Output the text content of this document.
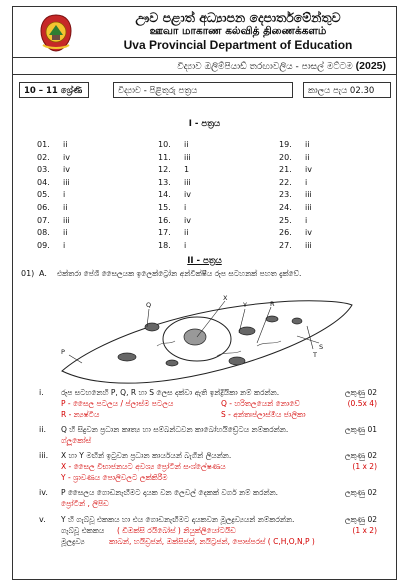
ඌව පළාත් අධ්‍යාපන දෙපාර්තමේන්තුව
ஊவா மாகாண கல்வித் திணைக்களம்
Uva Provincial Department of Education
විද්‍යාව ඔලිම්පියාඩ් තරඟාවලිය - පාසල් මට්ටම (2025)
10 – 11 ශ්‍රේණි	විද්‍යාව - පිළිතුරු පත්‍රය	කාලය පැය 02.30
I - පත්‍රය
01. ii
02. iv
03. iv
04. iii
05. i
06. ii
07. iii
08. ii
09. i
10. ii
11. iii
12. 1
13. iii
14. iv
15. i
16. iv
17. ii
18. i
19. ii
20. ii
21. iv
22. i
23. iii
24. iii
25. i
26. iv
27. iii
II - පත්‍රය
01) A. එක්තරා පේශි සෛලයක ඉලෙක්ට්‍රෝන අන්වීක්ෂීය රූප සටහනක් පහත දැක්වේ.
P
Q
X
Y	R
S
T
i. රූප සටහනෙහි P, Q, R හා S ලෙස දක්වා ඇති ඉන්ද්‍රියිකා නම් කරන්න.
P - සෛල පටලය / ප්ලාස්ම පටලය	Q - හරිතලයෙන් නොවේ
R - න්‍යෂ්ටිය	S - අන්තඃප්ලාස්මීය ජාලිකා
ලකුණු 02
(0.5x 4)
ii. Q හි සිදුවන ප්‍රධාන කෘත්‍ය හා සම්බන්ධවන කාබෝහයිඩ්‍රේටය නම්කරන්න.
ග්ලූකෝස්
ලකුණු 01
iii. X හා Y මඟින් ඉටුවන ප්‍රධාන කාර්යයන් බැගින් ලියන්න.
X - සෛල විභාජනයට අවශ්‍ය ප්‍රෝටීන් සංශ්ලේෂණය
Y - ශ්‍රාවණය පොලිවලට ලක්කිරීම
ලකුණු 02
(1 x 2)
iv. P සෛලය ගොඩනැඟීමට දායක වන ලෙවල් දෙකක් වර්ග නම් කරන්න.
ප්‍රෝටීන් , ලිපිඩ
ලකුණු 02
v. Y හි ගැබ්වූ එකකය හා එය ගොඩනැඟීමට දායකවන මූලද්‍රව්‍යයන් නම්කරන්න.
ගැබ්වූ එකකය ( ඩීඔක්සි රයිබෝස් ) නියුක්ලියෝටයිඩ
මූලද්‍රව්‍ය	කාබන්, හයිඩ්‍රජන්, ඔක්සිජන්, නයිට්‍රජන්, පොස්පරස් ( C,H,O,N,P )
ලකුණු 02
(1 x 2)
